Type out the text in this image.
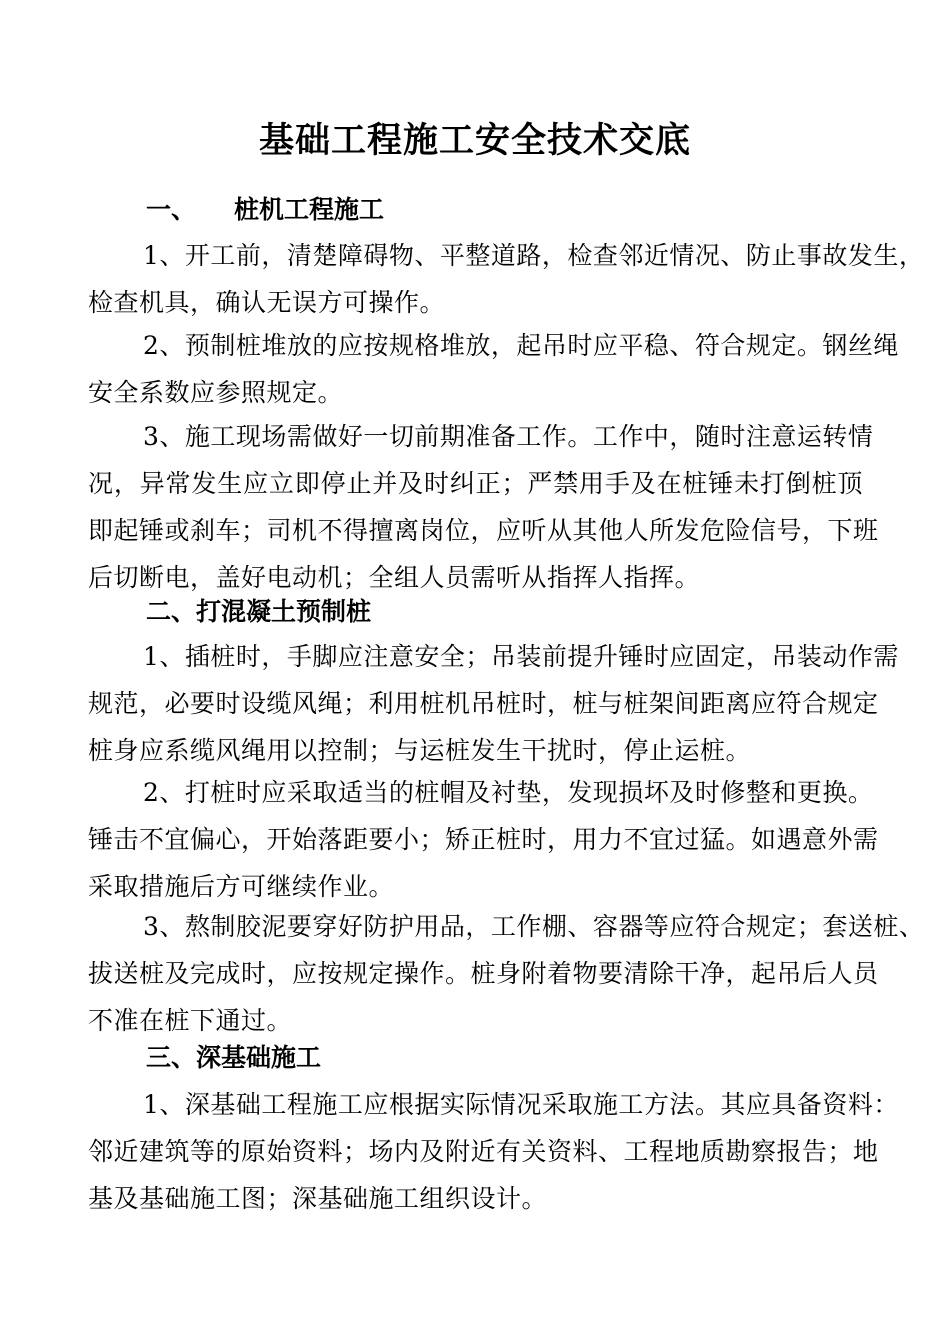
基础工程施工安全技术交底
一、 桩机工程施工
1、开工前，清楚障碍物、平整道路，检查邻近情况、防止事故发生，
检查机具，确认无误方可操作。
2、预制桩堆放的应按规格堆放，起吊时应平稳、符合规定。钢丝绳
安全系数应参照规定。
3、施工现场需做好一切前期准备工作。工作中，随时注意运转情
况，异常发生应立即停止并及时纠正；严禁用手及在桩锤未打倒桩顶
即起锤或刹车；司机不得擅离岗位，应听从其他人所发危险信号，下班
后切断电，盖好电动机；全组人员需听从指挥人指挥。
二、打混凝土预制桩
1、插桩时，手脚应注意安全；吊装前提升锤时应固定，吊装动作需
规范，必要时设缆风绳；利用桩机吊桩时，桩与桩架间距离应符合规定
桩身应系缆风绳用以控制；与运桩发生干扰时，停止运桩。
2、打桩时应采取适当的桩帽及衬垫，发现损坏及时修整和更换。
锤击不宜偏心，开始落距要小；矫正桩时，用力不宜过猛。如遇意外需
采取措施后方可继续作业。
3、熬制胶泥要穿好防护用品，工作棚、容器等应符合规定；套送桩、
拔送桩及完成时，应按规定操作。桩身附着物要清除干净，起吊后人员
不准在桩下通过。
三、深基础施工
1、深基础工程施工应根据实际情况采取施工方法。其应具备资料：
邻近建筑等的原始资料；场内及附近有关资料、工程地质勘察报告；地
基及基础施工图；深基础施工组织设计。
